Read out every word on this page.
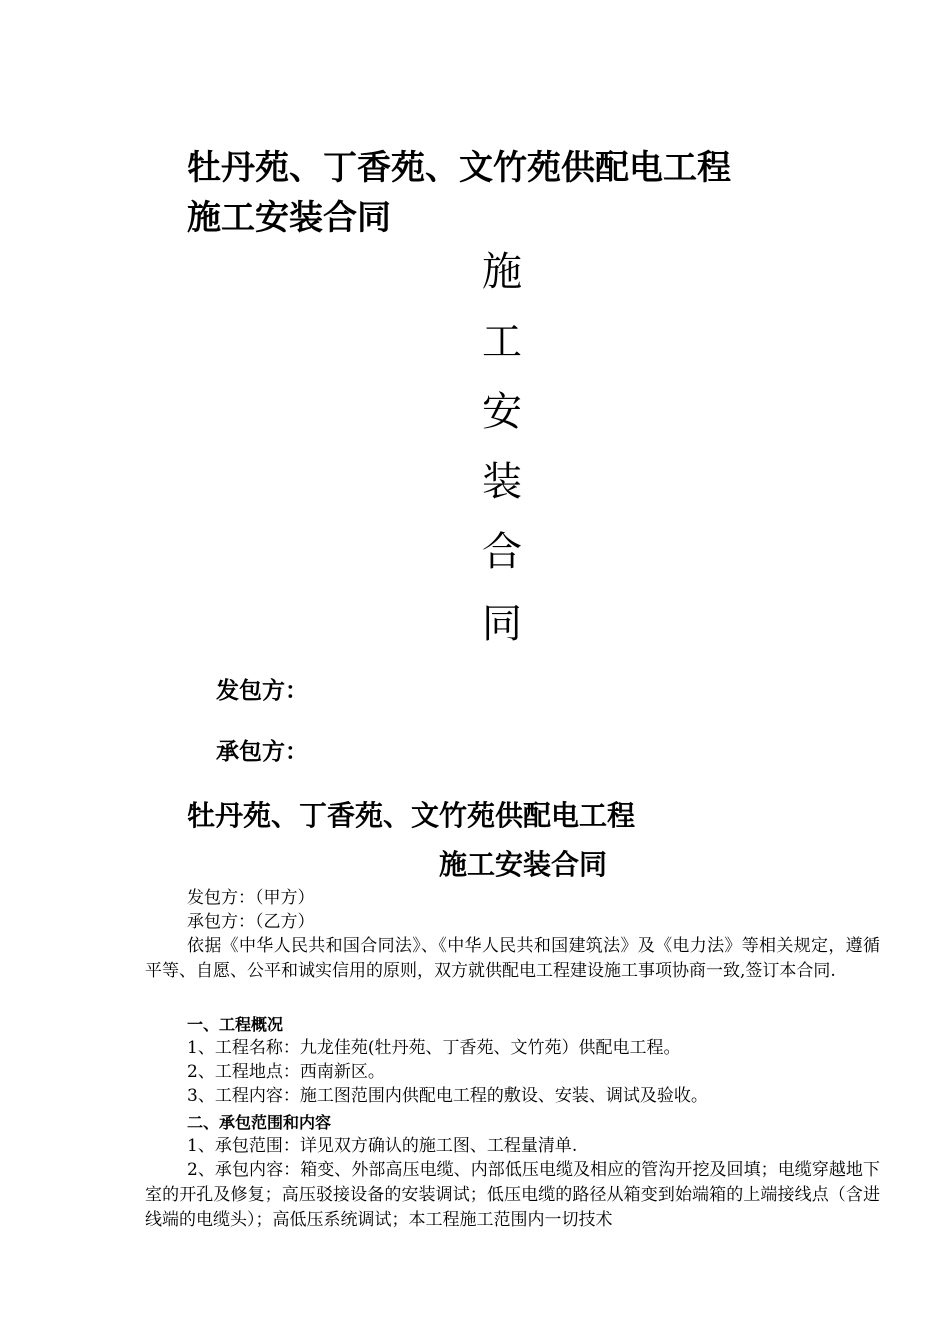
牡丹苑、丁香苑、文竹苑供配电工程
施工安装合同
施
工
安
装
合
同
发包方：
承包方：
牡丹苑、丁香苑、文竹苑供配电工程
施工安装合同
发包方：（甲方）
承包方：（乙方）
依据《中华人民共和国合同法》、《中华人民共和国建筑法》及《电力法》等相关规定，遵循平等、自愿、公平和诚实信用的原则，双方就供配电工程建设施工事项协商一致,签订本合同.
一、工程概况
1、工程名称：九龙佳苑(牡丹苑、丁香苑、文竹苑）供配电工程。
2、工程地点：西南新区。
3、工程内容：施工图范围内供配电工程的敷设、安装、调试及验收。
二、承包范围和内容
1、承包范围：详见双方确认的施工图、工程量清单.
2、承包内容：箱变、外部高压电缆、内部低压电缆及相应的管沟开挖及回填；电缆穿越地下室的开孔及修复；高压驳接设备的安装调试；低压电缆的路径从箱变到始端箱的上端接线点（含进线端的电缆头）；高低压系统调试；本工程施工范围内一切技术
